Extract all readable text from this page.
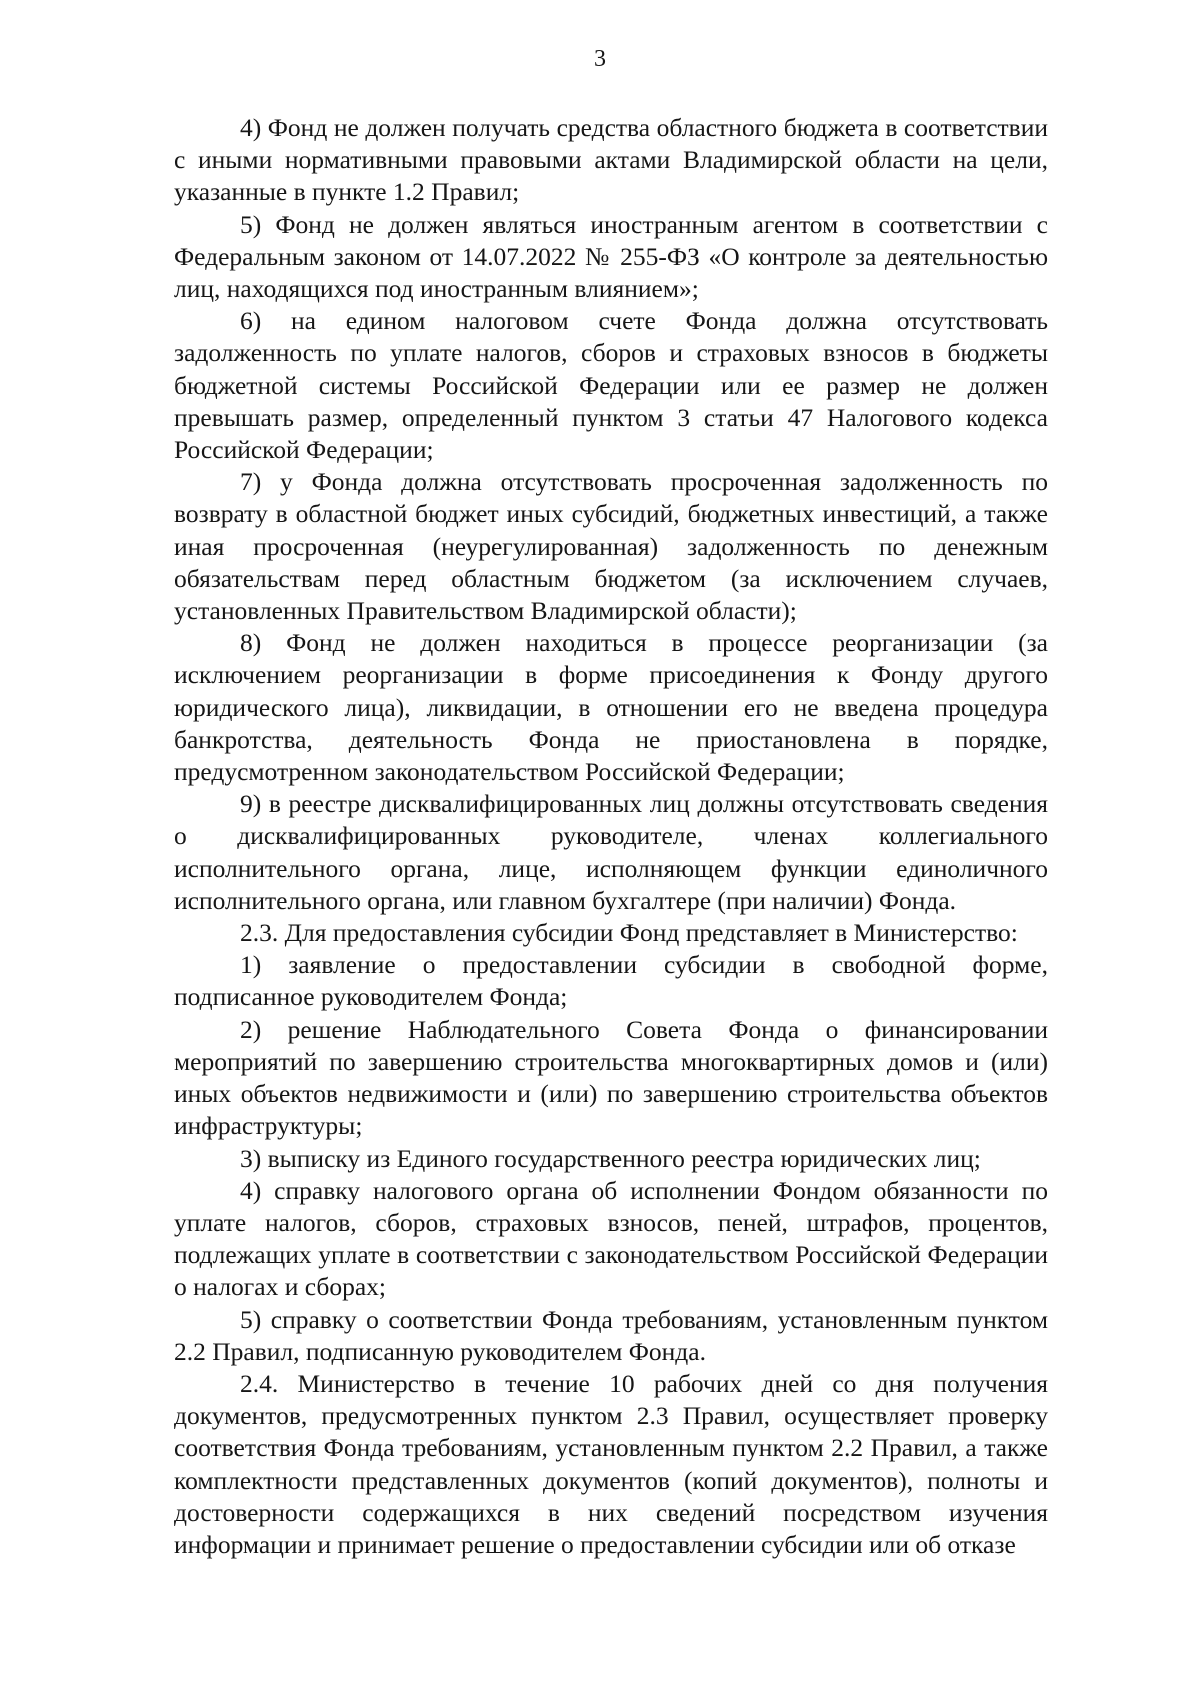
3

4) Фонд не должен получать средства областного бюджета в соответствии с иными нормативными правовыми актами Владимирской области на цели, указанные в пункте 1.2 Правил;

5) Фонд не должен являться иностранным агентом в соответствии с Федеральным законом от 14.07.2022 № 255-ФЗ «О контроле за деятельностью лиц, находящихся под иностранным влиянием»;

6) на едином налоговом счете Фонда должна отсутствовать задолженность по уплате налогов, сборов и страховых взносов в бюджеты бюджетной системы Российской Федерации или ее размер не должен превышать размер, определенный пунктом 3 статьи 47 Налогового кодекса Российской Федерации;

7) у Фонда должна отсутствовать просроченная задолженность по возврату в областной бюджет иных субсидий, бюджетных инвестиций, а также иная просроченная (неурегулированная) задолженность по денежным обязательствам перед областным бюджетом (за исключением случаев, установленных Правительством Владимирской области);

8) Фонд не должен находиться в процессе реорганизации (за исключением реорганизации в форме присоединения к Фонду другого юридического лица), ликвидации, в отношении его не введена процедура банкротства, деятельность Фонда не приостановлена в порядке, предусмотренном законодательством Российской Федерации;

9) в реестре дисквалифицированных лиц должны отсутствовать сведения о дисквалифицированных руководителе, членах коллегиального исполнительного органа, лице, исполняющем функции единоличного исполнительного органа, или главном бухгалтере (при наличии) Фонда.

2.3. Для предоставления субсидии Фонд представляет в Министерство:

1) заявление о предоставлении субсидии в свободной форме, подписанное руководителем Фонда;

2) решение Наблюдательного Совета Фонда о финансировании мероприятий по завершению строительства многоквартирных домов и (или) иных объектов недвижимости и (или) по завершению строительства объектов инфраструктуры;

3) выписку из Единого государственного реестра юридических лиц;

4) справку налогового органа об исполнении Фондом обязанности по уплате налогов, сборов, страховых взносов, пеней, штрафов, процентов, подлежащих уплате в соответствии с законодательством Российской Федерации о налогах и сборах;

5) справку о соответствии Фонда требованиям, установленным пунктом 2.2 Правил, подписанную руководителем Фонда.

2.4. Министерство в течение 10 рабочих дней со дня получения документов, предусмотренных пунктом 2.3 Правил, осуществляет проверку соответствия Фонда требованиям, установленным пунктом 2.2 Правил, а также комплектности представленных документов (копий документов), полноты и достоверности содержащихся в них сведений посредством изучения информации и принимает решение о предоставлении субсидии или об отказе
